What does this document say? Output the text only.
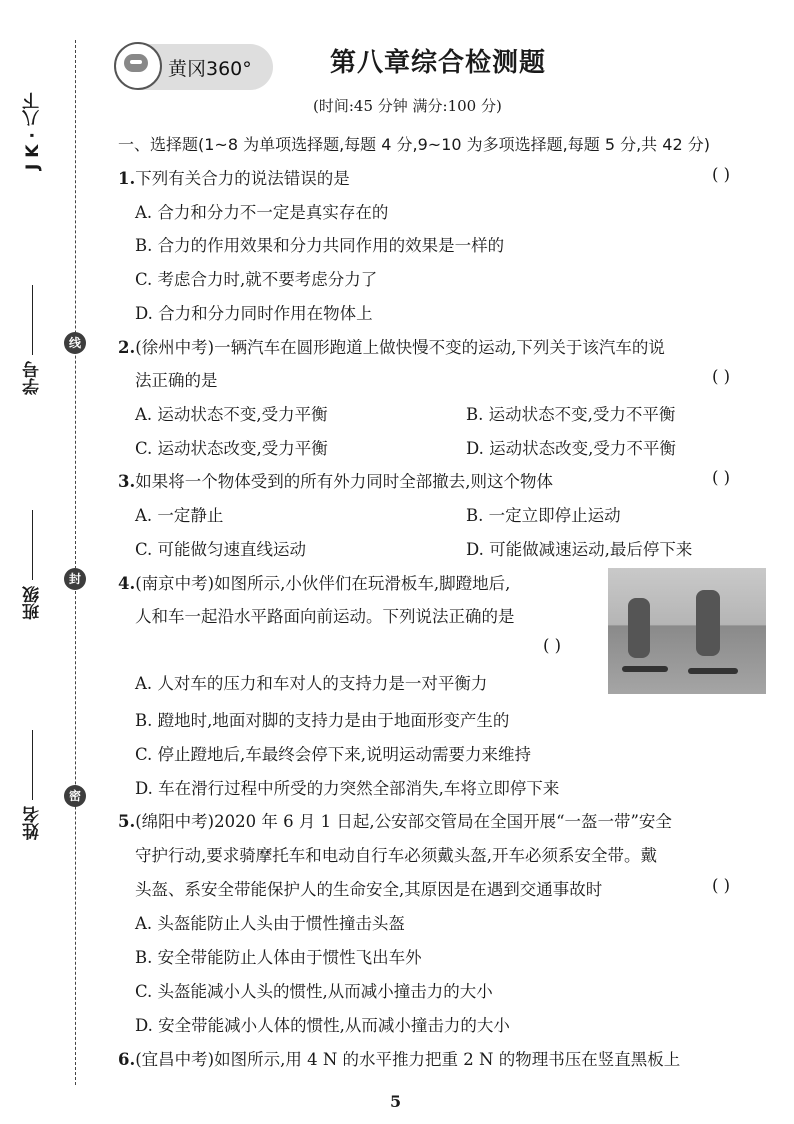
线
封
密
J K · 八下
学号
班级
姓名
黄冈360°	第八章综合检测题
(时间:45 分钟 满分:100 分)
一、选择题(1~8 为单项选择题,每题 4 分,9~10 为多项选择题,每题 5 分,共 42 分)
1.下列有关合力的说法错误的是	( )
A. 合力和分力不一定是真实存在的
B. 合力的作用效果和分力共同作用的效果是一样的
C. 考虑合力时,就不要考虑分力了
D. 合力和分力同时作用在物体上
2.(徐州中考)一辆汽车在圆形跑道上做快慢不变的运动,下列关于该汽车的说
法正确的是	( )
A. 运动状态不变,受力平衡	B. 运动状态不变,受力不平衡
C. 运动状态改变,受力平衡	D. 运动状态改变,受力不平衡
3.如果将一个物体受到的所有外力同时全部撤去,则这个物体	( )
A. 一定静止	B. 一定立即停止运动
C. 可能做匀速直线运动	D. 可能做减速运动,最后停下来
4.(南京中考)如图所示,小伙伴们在玩滑板车,脚蹬地后,
人和车一起沿水平路面向前运动。下列说法正确的是
( )
A. 人对车的压力和车对人的支持力是一对平衡力
B. 蹬地时,地面对脚的支持力是由于地面形变产生的
C. 停止蹬地后,车最终会停下来,说明运动需要力来维持
D. 车在滑行过程中所受的力突然全部消失,车将立即停下来
5.(绵阳中考)2020 年 6 月 1 日起,公安部交管局在全国开展“一盔一带”安全
守护行动,要求骑摩托车和电动自行车必须戴头盔,开车必须系安全带。戴
头盔、系安全带能保护人的生命安全,其原因是在遇到交通事故时	( )
A. 头盔能防止人头由于惯性撞击头盔
B. 安全带能防止人体由于惯性飞出车外
C. 头盔能减小人头的惯性,从而减小撞击力的大小
D. 安全带能减小人体的惯性,从而减小撞击力的大小
6.(宜昌中考)如图所示,用 4 N 的水平推力把重 2 N 的物理书压在竖直黑板上
5
